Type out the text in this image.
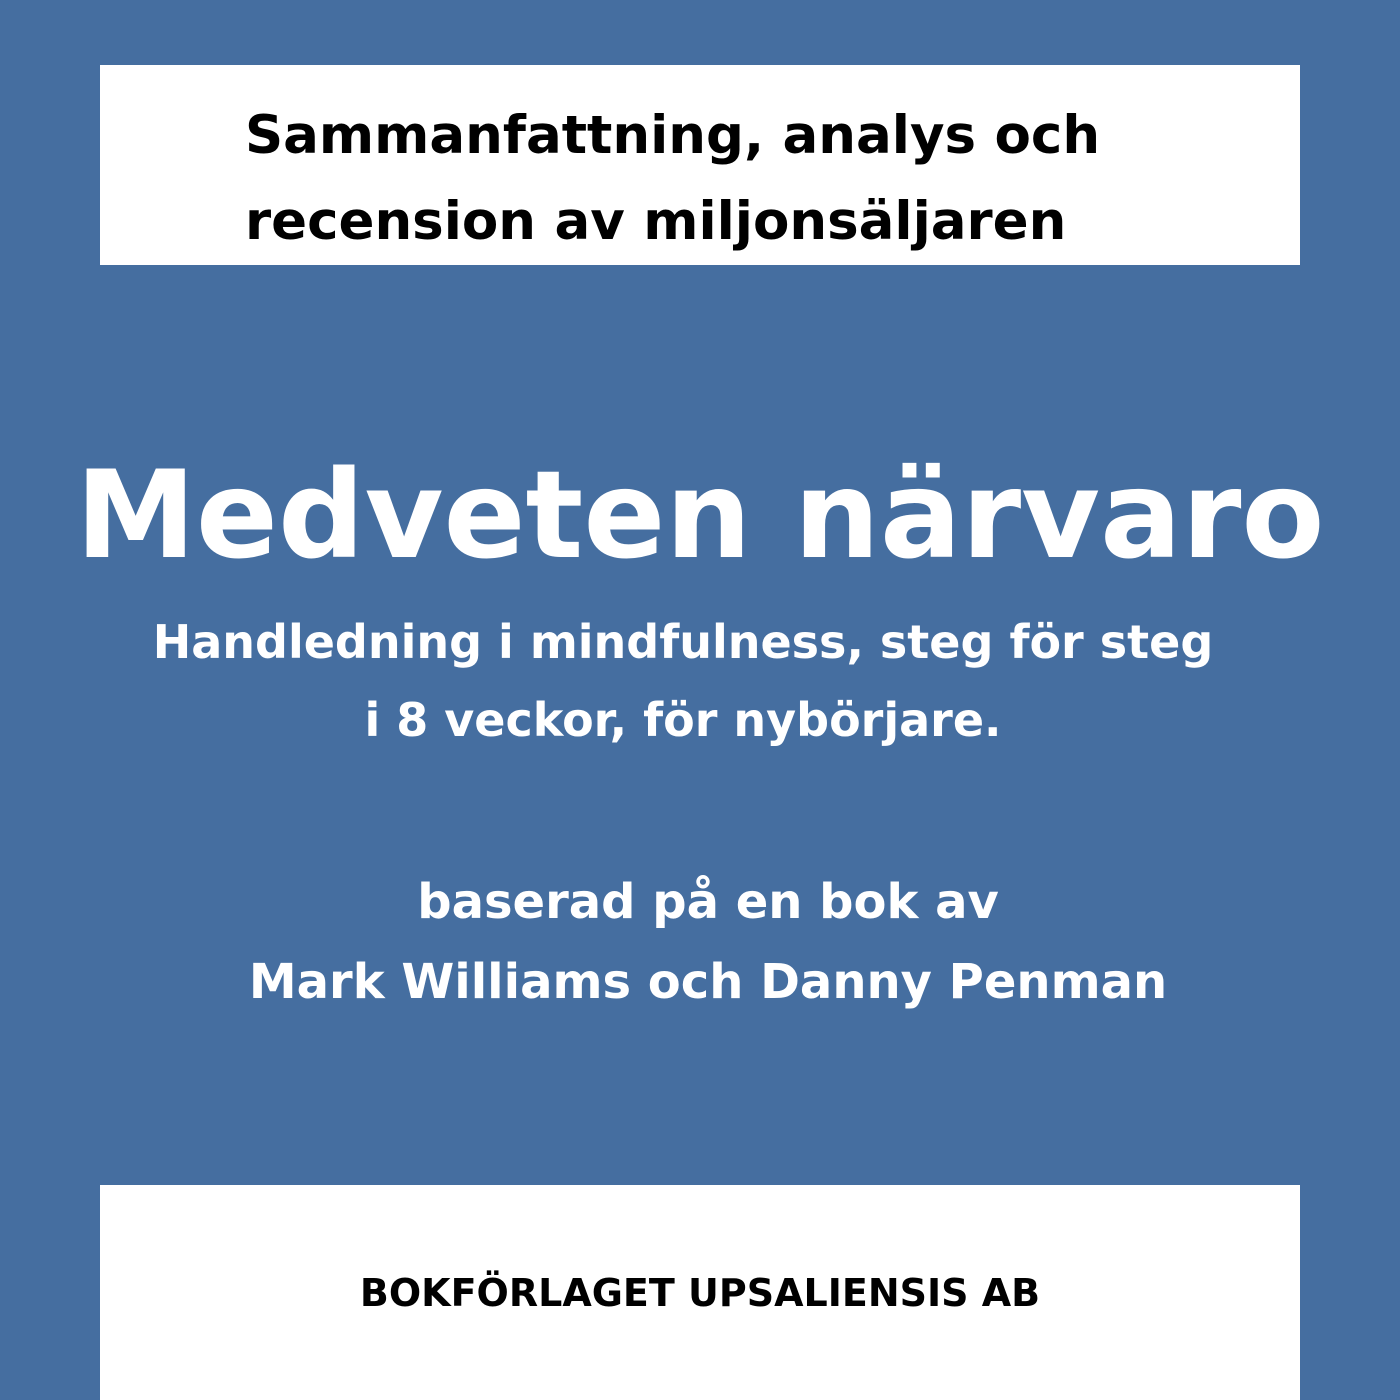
Sammanfattning, analys och
recension av miljonsäljaren
Medveten närvaro
Handledning i mindfulness, steg för steg
i 8 veckor, för nybörjare.
baserad på en bok av
Mark Williams och Danny Penman
BOKFÖRLAGET UPSALIENSIS AB
